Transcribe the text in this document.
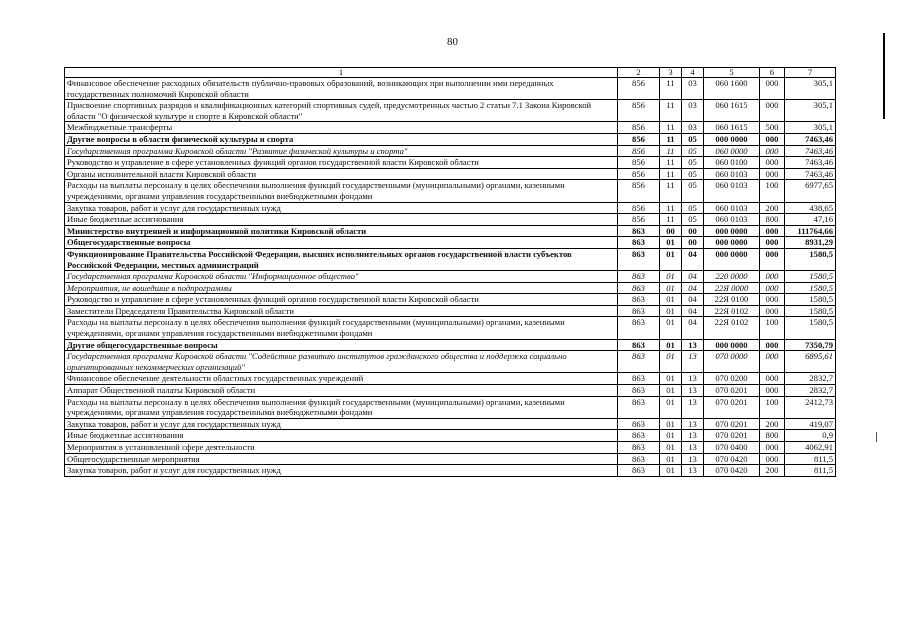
80
1	2	3	4	5	6	7
Финансовое обеспечение расходных обязательств публично-правовых образований, возникающих при выполнении ими переданных государственных полномочий Кировской области	856	11	03	060 1600	000	305,1
Присвоение спортивных разрядов и квалификационных категорий спортивных судей, предусмотренных частью 2 статьи 7.1 Закона Кировской области "О физической культуре и спорте в Кировской области"	856	11	03	060 1615	000	305,1
Межбюджетные трансферты	856	11	03	060 1615	500	305,1
Другие вопросы в области физической культуры и спорта	856	11	05	000 0000	000	7463,46
Государственная программа Кировской области "Развитие физической культуры и спорта"	856	11	05	060 0000	000	7463,46
Руководство и управление в сфере установленных функций органов государственной власти Кировской области	856	11	05	060 0100	000	7463,46
Органы исполнительной власти Кировской области	856	11	05	060 0103	000	7463,46
Расходы на выплаты персоналу в целях обеспечения выполнения функций государственными (муниципальными) органами, казенными учреждениями, органами управления государственными внебюджетными фондами	856	11	05	060 0103	100	6977,65
Закупка товаров, работ и услуг для государственных нужд	856	11	05	060 0103	200	438,65
Иные бюджетные ассигнования	856	11	05	060 0103	800	47,16
Министерство внутренней и информационной политики Кировской области	863	00	00	000 0000	000	111764,66
Общегосударственные вопросы	863	01	00	000 0000	000	8931,29
Функционирование Правительства Российской Федерации, высших исполнительных органов государственной власти субъектов Российской Федерации, местных администраций	863	01	04	000 0000	000	1580,5
Государственная программа Кировской области "Информационное общество"	863	01	04	220 0000	000	1580,5
Мероприятия, не вошедшие в подпрограммы	863	01	04	22Я 0000	000	1580,5
Руководство и управление в сфере установленных функций органов государственной власти Кировской области	863	01	04	22Я 0100	000	1580,5
Заместители Председателя Правительства Кировской области	863	01	04	22Я 0102	000	1580,5
Расходы на выплаты персоналу в целях обеспечения выполнения функций государственными (муниципальными) органами, казенными учреждениями, органами управления государственными внебюджетными фондами	863	01	04	22Я 0102	100	1580,5
Другие общегосударственные вопросы	863	01	13	000 0000	000	7350,79
Государственная программа Кировской области "Содействие развитию институтов гражданского общества и поддержка социально ориентированных некоммерческих организаций"	863	01	13	070 0000	000	6895,61
Финансовое обеспечение деятельности областных государственных учреждений	863	01	13	070 0200	000	2832,7
Аппарат Общественной палаты Кировской области	863	01	13	070 0201	000	2832,7
Расходы на выплаты персоналу в целях обеспечения выполнения функций государственными (муниципальными) органами, казенными учреждениями, органами управления государственными внебюджетными фондами	863	01	13	070 0201	100	2412,73
Закупка товаров, работ и услуг для государственных нужд	863	01	13	070 0201	200	419,07
Иные бюджетные ассигнования	863	01	13	070 0201	800	0,9
Мероприятия в установленной сфере деятельности	863	01	13	070 0400	000	4062,91
Общегосударственные мероприятия	863	01	13	070 0420	000	811,5
Закупка товаров, работ и услуг для государственных нужд	863	01	13	070 0420	200	811,5
